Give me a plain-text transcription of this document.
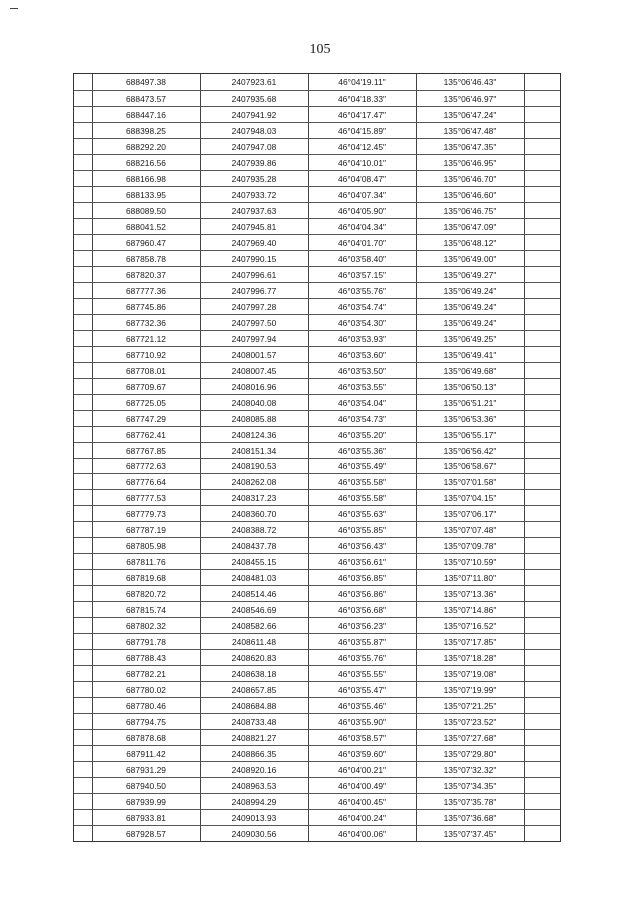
105
688497.38	2407923.61	46°04'19.11"	135°06'46.43"
688473.57	2407935.68	46°04'18.33"	135°06'46.97"
688447.16	2407941.92	46°04'17.47"	135°06'47.24"
688398.25	2407948.03	46°04'15.89"	135°06'47.48"
688292.20	2407947.08	46°04'12.45"	135°06'47.35"
688216.56	2407939.86	46°04'10.01"	135°06'46.95"
688166.98	2407935.28	46°04'08.47"	135°06'46.70"
688133.95	2407933.72	46°04'07.34"	135°06'46.60"
688089.50	2407937.63	46°04'05.90"	135°06'46.75"
688041.52	2407945.81	46°04'04.34"	135°06'47.09"
687960.47	2407969.40	46°04'01.70"	135°06'48.12"
687858.78	2407990.15	46°03'58.40"	135°06'49.00"
687820.37	2407996.61	46°03'57.15"	135°06'49.27"
687777.36	2407996.77	46°03'55.76"	135°06'49.24"
687745.86	2407997.28	46°03'54.74"	135°06'49.24"
687732.36	2407997.50	46°03'54.30"	135°06'49.24"
687721.12	2407997.94	46°03'53.93"	135°06'49.25"
687710.92	2408001.57	46°03'53.60"	135°06'49.41"
687708.01	2408007.45	46°03'53.50"	135°06'49.68"
687709.67	2408016.96	46°03'53.55"	135°06'50.13"
687725.05	2408040.08	46°03'54.04"	135°06'51.21"
687747.29	2408085.88	46°03'54.73"	135°06'53.36"
687762.41	2408124.36	46°03'55.20"	135°06'55.17"
687767.85	2408151.34	46°03'55.36"	135°06'56.42"
687772.63	2408190.53	46°03'55.49"	135°06'58.67"
687776.64	2408262.08	46°03'55.58"	135°07'01.58"
687777.53	2408317.23	46°03'55.58"	135°07'04.15"
687779.73	2408360.70	46°03'55.63"	135°07'06.17"
687787.19	2408388.72	46°03'55.85"	135°07'07.48"
687805.98	2408437.78	46°03'56.43"	135°07'09.78"
687811.76	2408455.15	46°03'56.61"	135°07'10.59"
687819.68	2408481.03	46°03'56.85"	135°07'11.80"
687820.72	2408514.46	46°03'56.86"	135°07'13.36"
687815.74	2408546.69	46°03'56.68"	135°07'14.86"
687802.32	2408582.66	46°03'56.23"	135°07'16.52"
687791.78	2408611.48	46°03'55.87"	135°07'17.85"
687788.43	2408620.83	46°03'55.76"	135°07'18.28"
687782.21	2408638.18	46°03'55.55"	135°07'19.08"
687780.02	2408657.85	46°03'55.47"	135°07'19.99"
687780.46	2408684.88	46°03'55.46"	135°07'21.25"
687794.75	2408733.48	46°03'55.90"	135°07'23.52"
687878.68	2408821.27	46°03'58.57"	135°07'27.68"
687911.42	2408866.35	46°03'59.60"	135°07'29.80"
687931.29	2408920.16	46°04'00.21"	135°07'32.32"
687940.50	2408963.53	46°04'00.49"	135°07'34.35"
687939.99	2408994.29	46°04'00.45"	135°07'35.78"
687933.81	2409013.93	46°04'00.24"	135°07'36.68"
687928.57	2409030.56	46°04'00.06"	135°07'37.45"
